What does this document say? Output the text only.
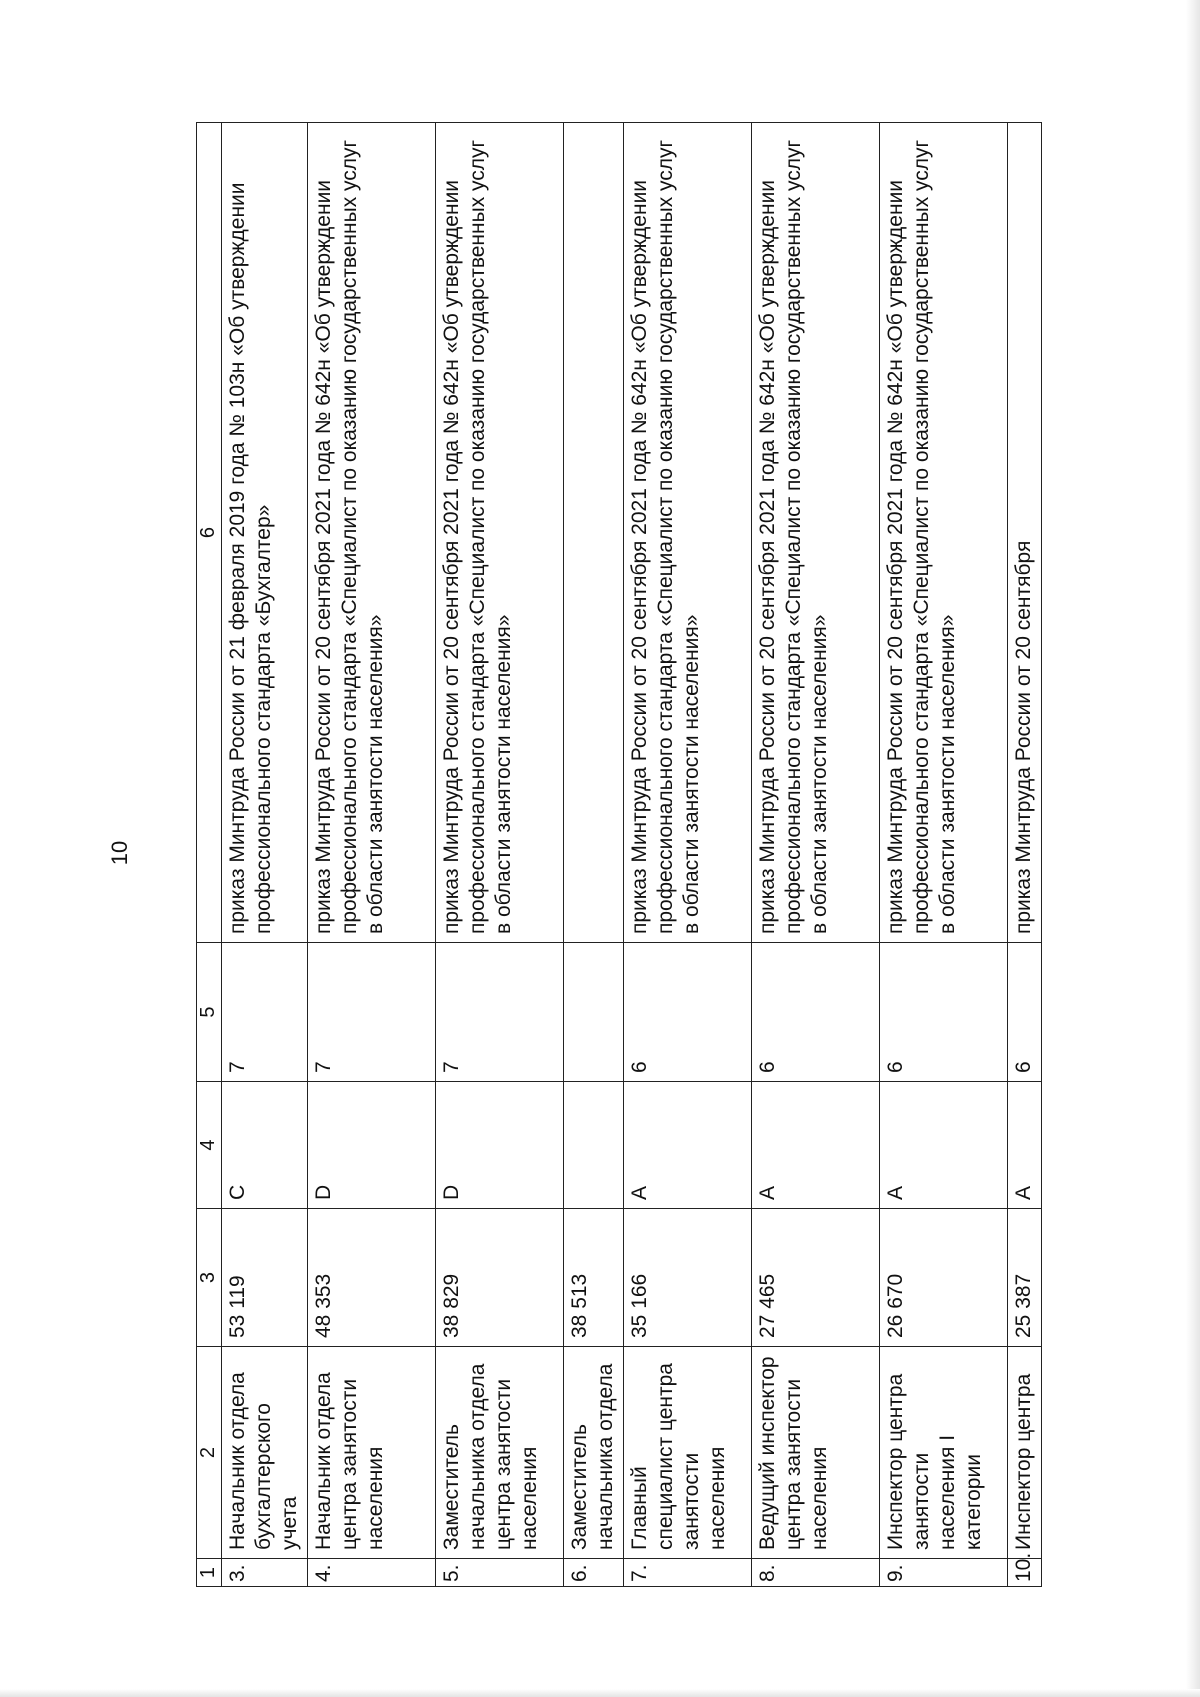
10
1	2	3	4	5	6
3.	Начальник отдела бухгалтерского учета	53 119	C	7	приказ Минтруда России от 21 февраля 2019 года № 103н «Об утверждении профессионального стандарта «Бухгалтер»
4.	Начальник отдела центра занятости населения	48 353	D	7	приказ Минтруда России от 20 сентября 2021 года № 642н «Об утверждении профессионального стандарта «Специалист по оказанию государственных услуг в области занятости населения»
5.	Заместитель начальника отдела центра занятости населения	38 829	D	7	приказ Минтруда России от 20 сентября 2021 года № 642н «Об утверждении профессионального стандарта «Специалист по оказанию государственных услуг в области занятости населения»
6.	Заместитель начальника отдела	38 513			
7.	Главный специалист центра занятости населения	35 166	A	6	приказ Минтруда России от 20 сентября 2021 года № 642н «Об утверждении профессионального стандарта «Специалист по оказанию государственных услуг в области занятости населения»
8.	Ведущий инспектор центра занятости населения	27 465	A	6	приказ Минтруда России от 20 сентября 2021 года № 642н «Об утверждении профессионального стандарта «Специалист по оказанию государственных услуг в области занятости населения»
9.	Инспектор центра занятости населения I категории	26 670	A	6	приказ Минтруда России от 20 сентября 2021 года № 642н «Об утверждении профессионального стандарта «Специалист по оказанию государственных услуг в области занятости населения»
10.	Инспектор центра	25 387	A	6	приказ Минтруда России от 20 сентября
